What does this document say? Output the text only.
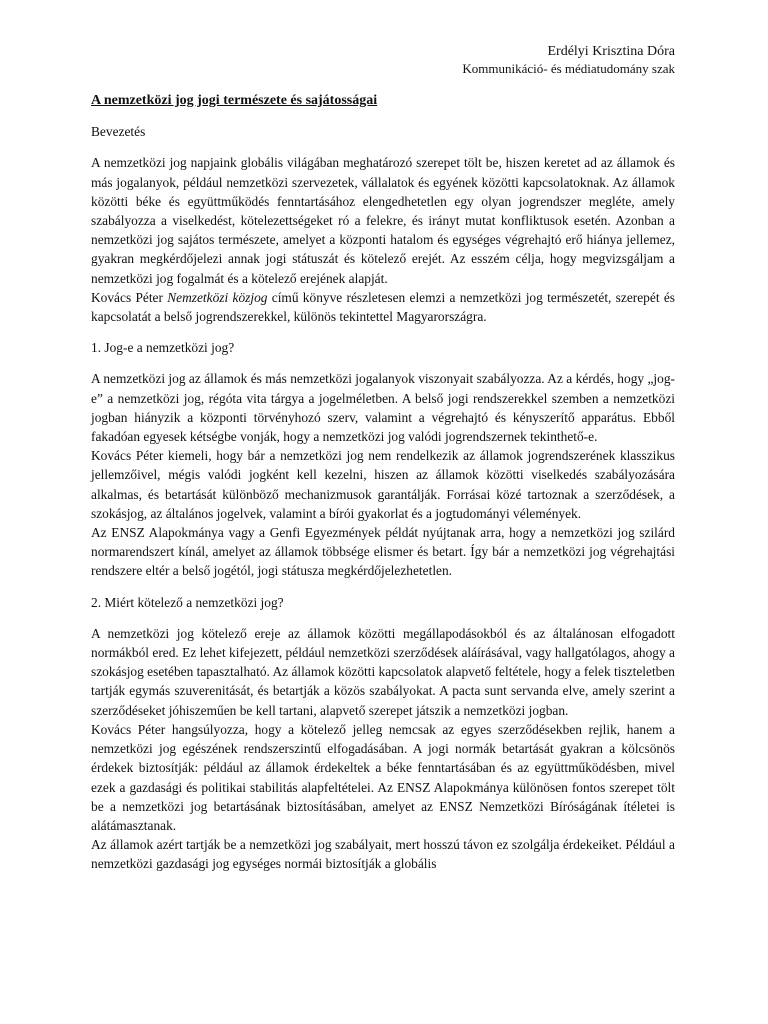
Erdélyi Krisztina Dóra
Kommunikáció- és médiatudomány szak
A nemzetközi jog jogi természete és sajátosságai
Bevezetés

A nemzetközi jog napjaink globális világában meghatározó szerepet tölt be, hiszen keretet ad az államok és más jogalanyok, például nemzetközi szervezetek, vállalatok és egyének közötti kapcsolatoknak. Az államok közötti béke és együttműködés fenntartásához elengedhetetlen egy olyan jogrendszer megléte, amely szabályozza a viselkedést, kötelezettségeket ró a felekre, és irányt mutat konfliktusok esetén. Azonban a nemzetközi jog sajátos természete, amelyet a központi hatalom és egységes végrehajtó erő hiánya jellemez, gyakran megkérdőjelezi annak jogi státuszát és kötelező erejét. Az esszém célja, hogy megvizsgáljam a nemzetközi jog fogalmát és a kötelező erejének alapját.

Kovács Péter Nemzetközi közjog című könyve részletesen elemzi a nemzetközi jog természetét, szerepét és kapcsolatát a belső jogrendszerekkel, különös tekintettel Magyarországra.

1. Jog-e a nemzetközi jog?

A nemzetközi jog az államok és más nemzetközi jogalanyok viszonyait szabályozza. Az a kérdés, hogy „jog-e” a nemzetközi jog, régóta vita tárgya a jogelméletben. A belső jogi rendszerekkel szemben a nemzetközi jogban hiányzik a központi törvényhozó szerv, valamint a végrehajtó és kényszerítő apparátus. Ebből fakadóan egyesek kétségbe vonják, hogy a nemzetközi jog valódi jogrendszernek tekinthető-e.

Kovács Péter kiemeli, hogy bár a nemzetközi jog nem rendelkezik az államok jogrendszerének klasszikus jellemzőivel, mégis valódi jogként kell kezelni, hiszen az államok közötti viselkedés szabályozására alkalmas, és betartását különböző mechanizmusok garantálják. Forrásai közé tartoznak a szerződések, a szokásjog, az általános jogelvek, valamint a bírói gyakorlat és a jogtudományi vélemények.

Az ENSZ Alapokmánya vagy a Genfi Egyezmények példát nyújtanak arra, hogy a nemzetközi jog szilárd normarendszert kínál, amelyet az államok többsége elismer és betart. Így bár a nemzetközi jog végrehajtási rendszere eltér a belső jogétól, jogi státusza megkérdőjelezhetetlen.

2. Miért kötelező a nemzetközi jog?

A nemzetközi jog kötelező ereje az államok közötti megállapodásokból és az általánosan elfogadott normákból ered. Ez lehet kifejezett, például nemzetközi szerződések aláírásával, vagy hallgatólagos, ahogy a szokásjog esetében tapasztalható. Az államok közötti kapcsolatok alapvető feltétele, hogy a felek tiszteletben tartják egymás szuverenitását, és betartják a közös szabályokat. A pacta sunt servanda elve, amely szerint a szerződéseket jóhiszeműen be kell tartani, alapvető szerepet játszik a nemzetközi jogban.

Kovács Péter hangsúlyozza, hogy a kötelező jelleg nemcsak az egyes szerződésekben rejlik, hanem a nemzetközi jog egészének rendszerszintű elfogadásában. A jogi normák betartását gyakran a kölcsönös érdekek biztosítják: például az államok érdekeltek a béke fenntartásában és az együttműködésben, mivel ezek a gazdasági és politikai stabilitás alapfeltételei. Az ENSZ Alapokmánya különösen fontos szerepet tölt be a nemzetközi jog betartásának biztosításában, amelyet az ENSZ Nemzetközi Bíróságának ítéletei is alátámasztanak.

Az államok azért tartják be a nemzetközi jog szabályait, mert hosszú távon ez szolgálja érdekeiket. Például a nemzetközi gazdasági jog egységes normái biztosítják a globális
